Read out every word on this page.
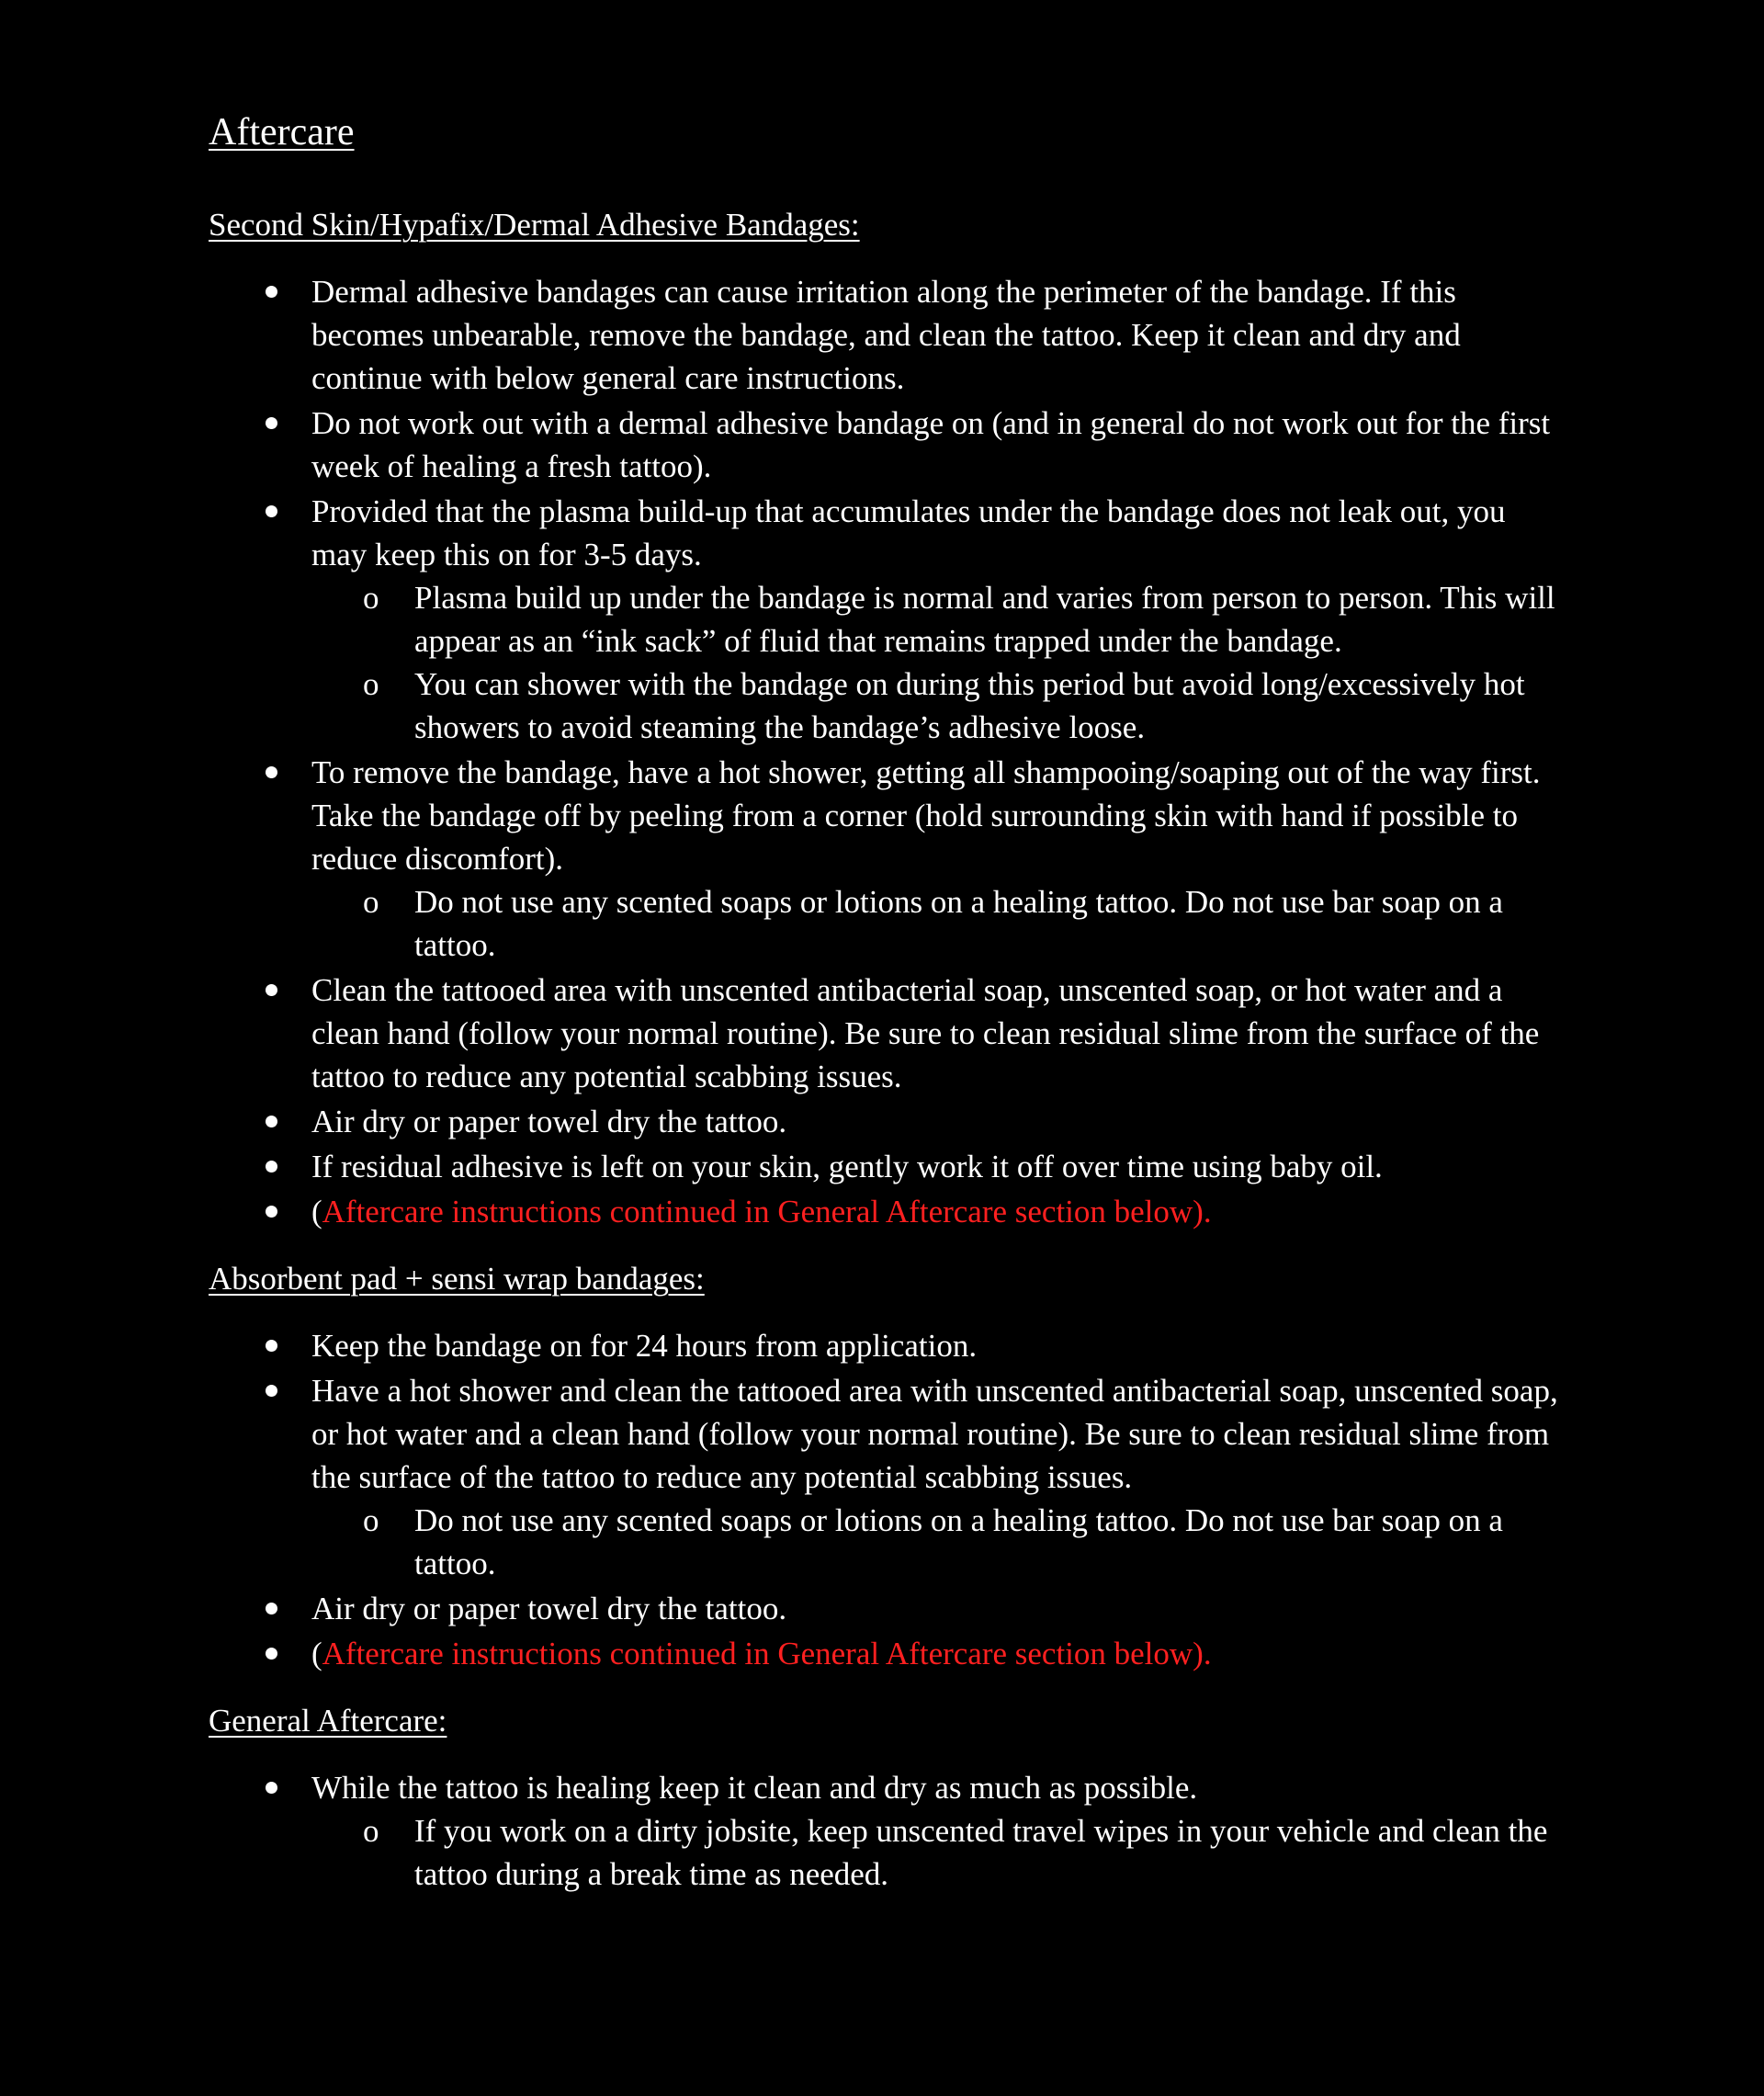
Aftercare
Second Skin/Hypafix/Dermal Adhesive Bandages:
Dermal adhesive bandages can cause irritation along the perimeter of the bandage. If this becomes unbearable, remove the bandage, and clean the tattoo. Keep it clean and dry and continue with below general care instructions.
Do not work out with a dermal adhesive bandage on (and in general do not work out for the first week of healing a fresh tattoo).
Provided that the plasma build-up that accumulates under the bandage does not leak out, you may keep this on for 3-5 days.
o	Plasma build up under the bandage is normal and varies from person to person. This will appear as an “ink sack” of fluid that remains trapped under the bandage.
o	You can shower with the bandage on during this period but avoid long/excessively hot showers to avoid steaming the bandage’s adhesive loose.
To remove the bandage, have a hot shower, getting all shampooing/soaping out of the way first. Take the bandage off by peeling from a corner (hold surrounding skin with hand if possible to reduce discomfort).
o	Do not use any scented soaps or lotions on a healing tattoo. Do not use bar soap on a tattoo.
Clean the tattooed area with unscented antibacterial soap, unscented soap, or hot water and a clean hand (follow your normal routine). Be sure to clean residual slime from the surface of the tattoo to reduce any potential scabbing issues.
Air dry or paper towel dry the tattoo.
If residual adhesive is left on your skin, gently work it off over time using baby oil.
(Aftercare instructions continued in General Aftercare section below).
Absorbent pad + sensi wrap bandages:
Keep the bandage on for 24 hours from application.
Have a hot shower and clean the tattooed area with unscented antibacterial soap, unscented soap, or hot water and a clean hand (follow your normal routine). Be sure to clean residual slime from the surface of the tattoo to reduce any potential scabbing issues.
o	Do not use any scented soaps or lotions on a healing tattoo. Do not use bar soap on a tattoo.
Air dry or paper towel dry the tattoo.
(Aftercare instructions continued in General Aftercare section below).
General Aftercare:
While the tattoo is healing keep it clean and dry as much as possible.
o	If you work on a dirty jobsite, keep unscented travel wipes in your vehicle and clean the tattoo during a break time as needed.
